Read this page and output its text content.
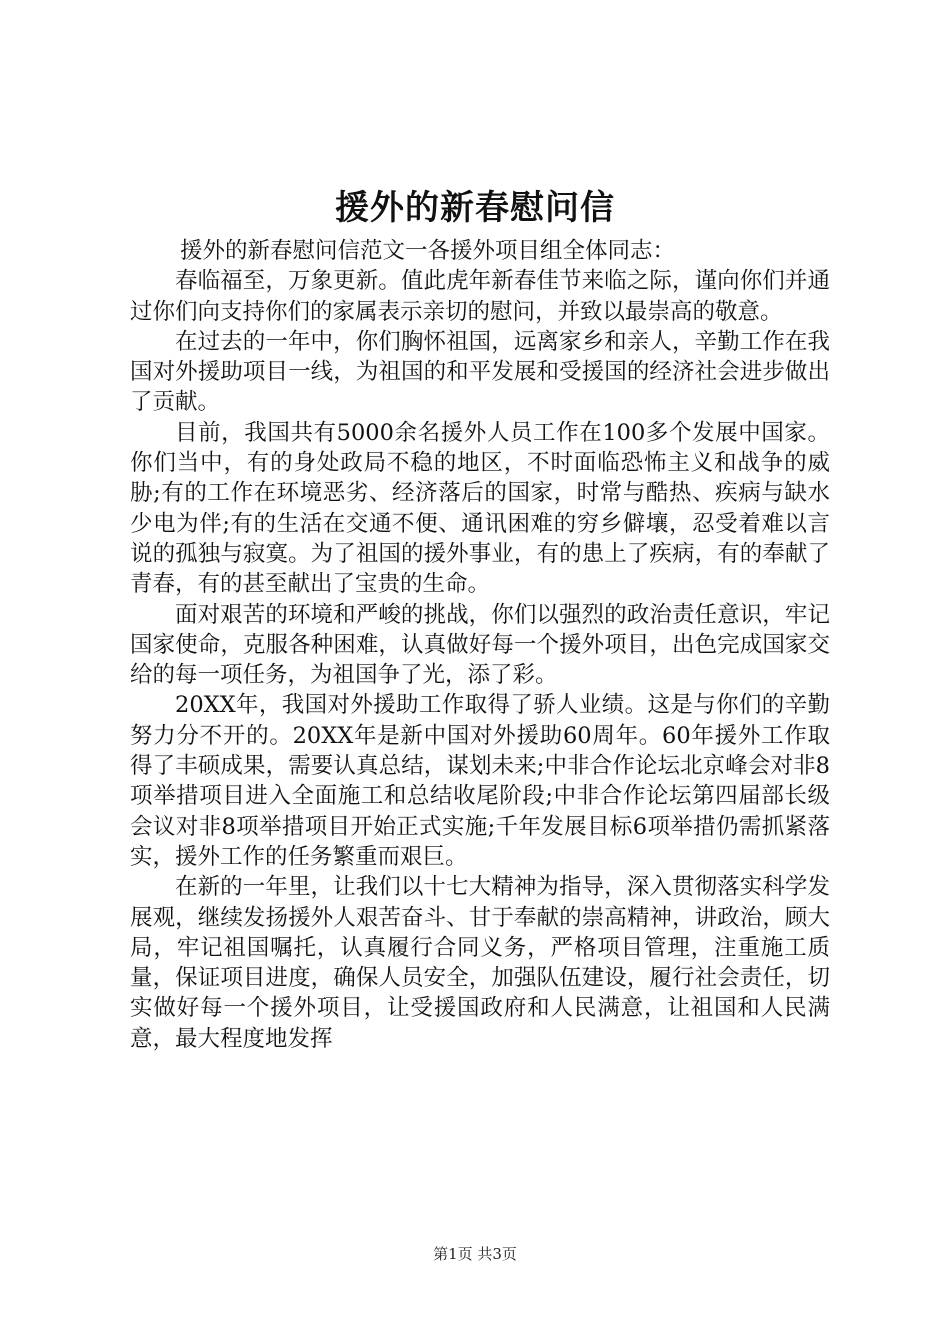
援外的新春慰问信

援外的新春慰问信范文一各援外项目组全体同志：

春临福至，万象更新。值此虎年新春佳节来临之际，谨向你们并通过你们向支持你们的家属表示亲切的慰问，并致以最崇高的敬意。

在过去的一年中，你们胸怀祖国，远离家乡和亲人，辛勤工作在我国对外援助项目一线，为祖国的和平发展和受援国的经济社会进步做出了贡献。

目前，我国共有5000余名援外人员工作在100多个发展中国家。你们当中，有的身处政局不稳的地区，不时面临恐怖主义和战争的威胁;有的工作在环境恶劣、经济落后的国家，时常与酷热、疾病与缺水少电为伴;有的生活在交通不便、通讯困难的穷乡僻壤，忍受着难以言说的孤独与寂寞。为了祖国的援外事业，有的患上了疾病，有的奉献了青春，有的甚至献出了宝贵的生命。

面对艰苦的环境和严峻的挑战，你们以强烈的政治责任意识，牢记国家使命，克服各种困难，认真做好每一个援外项目，出色完成国家交给的每一项任务，为祖国争了光，添了彩。

20XX年，我国对外援助工作取得了骄人业绩。这是与你们的辛勤努力分不开的。20XX年是新中国对外援助60周年。60年援外工作取得了丰硕成果，需要认真总结，谋划未来;中非合作论坛北京峰会对非8项举措项目进入全面施工和总结收尾阶段;中非合作论坛第四届部长级会议对非8项举措项目开始正式实施;千年发展目标6项举措仍需抓紧落实，援外工作的任务繁重而艰巨。

在新的一年里，让我们以十七大精神为指导，深入贯彻落实科学发展观，继续发扬援外人艰苦奋斗、甘于奉献的崇高精神，讲政治，顾大局，牢记祖国嘱托，认真履行合同义务，严格项目管理，注重施工质量，保证项目进度，确保人员安全，加强队伍建设，履行社会责任，切实做好每一个援外项目，让受援国政府和人民满意，让祖国和人民满意，最大程度地发挥

第1页 共3页
